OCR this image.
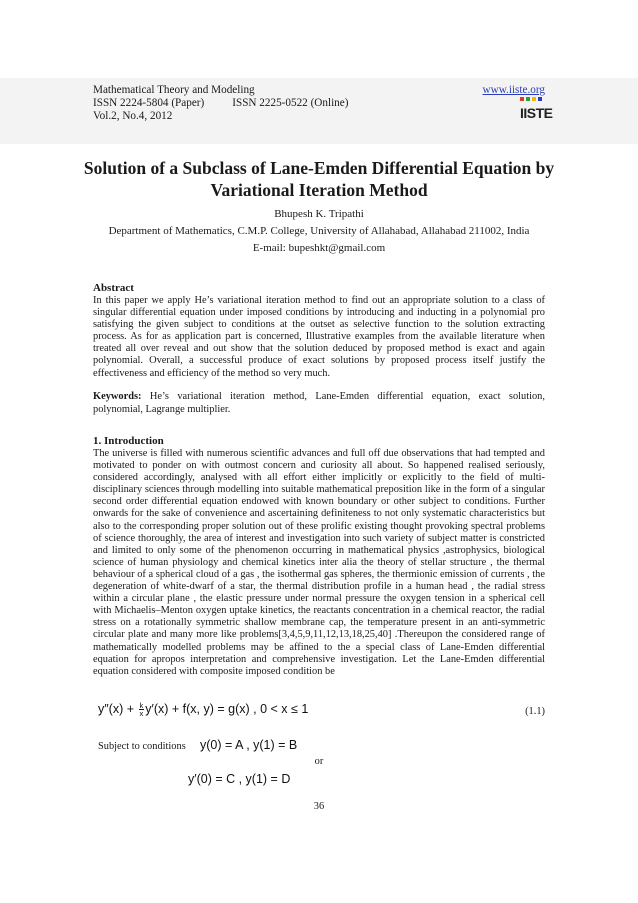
Mathematical Theory and Modeling
ISSN 2224-5804 (Paper)	ISSN 2225-0522 (Online)
Vol.2, No.4, 2012
www.iiste.org
IISTE
Solution of a Subclass of Lane-Emden Differential Equation by Variational Iteration Method
Bhupesh K. Tripathi
Department of Mathematics, C.M.P. College, University of Allahabad, Allahabad 211002, India
E-mail: bupeshkt@gmail.com
Abstract

In this paper we apply He’s variational iteration method to find out an appropriate solution to a class of singular differential equation under imposed conditions by introducing and inducting in a polynomial pro satisfying the given subject to conditions at the outset as selective function to the solution extracting process. As for as application part is concerned, Illustrative examples from the available literature when treated all over reveal and out show that the solution deduced by proposed method is exact and again polynomial. Overall, a successful produce of exact solutions by proposed process itself justify the effectiveness and efficiency of the method so very much.

Keywords: He’s variational iteration method, Lane-Emden differential equation, exact solution, polynomial, Lagrange multiplier.

1. Introduction

The universe is filled with numerous scientific advances and full off due observations that had tempted and motivated to ponder on with outmost concern and curiosity all about. So happened realised seriously, considered accordingly, analysed with all effort either implicitly or explicitly to the field of multi-disciplinary sciences through modelling into suitable mathematical preposition like in the form of a singular second order differential equation endowed with known boundary or other subject to conditions. Further onwards for the sake of convenience and ascertaining definiteness to not only systematic characteristics but also to the corresponding proper solution out of these prolific existing thought provoking spectral problems of science thoroughly, the area of interest and investigation into such variety of subject matter is constricted and limited to only some of the phenomenon occurring in mathematical physics ,astrophysics, biological science of human physiology and chemical kinetics inter alia the theory of stellar structure , the thermal behaviour of a spherical cloud of a gas , the isothermal gas spheres, the thermionic emission of currents , the degeneration of white-dwarf of a star, the thermal distribution profile in a human head , the radial stress within a circular plane , the elastic pressure under normal pressure the oxygen tension in a spherical cell with Michaelis–Menton oxygen uptake kinetics, the reactants concentration in a chemical reactor, the radial stress on a rotationally symmetric shallow membrane cap, the temperature present in an anti-symmetric circular plate and many more like problems[3,4,5,9,11,12,13,18,25,40] .Thereupon the considered range of mathematically modelled problems may be affined to the a special class of Lane-Emden differential equation for apropos interpretation and comprehensive investigation. Let the Lane-Emden differential equation considered with composite imposed condition be

$y''(x) + \frac{k}{x} y'(x) + f(x$, y) = g(x) , 0 < x ≤ 1	(1.1)
Subject to conditions y(0) = A , y(1) = B
or
y′(0) = C , y(1) = D
36
